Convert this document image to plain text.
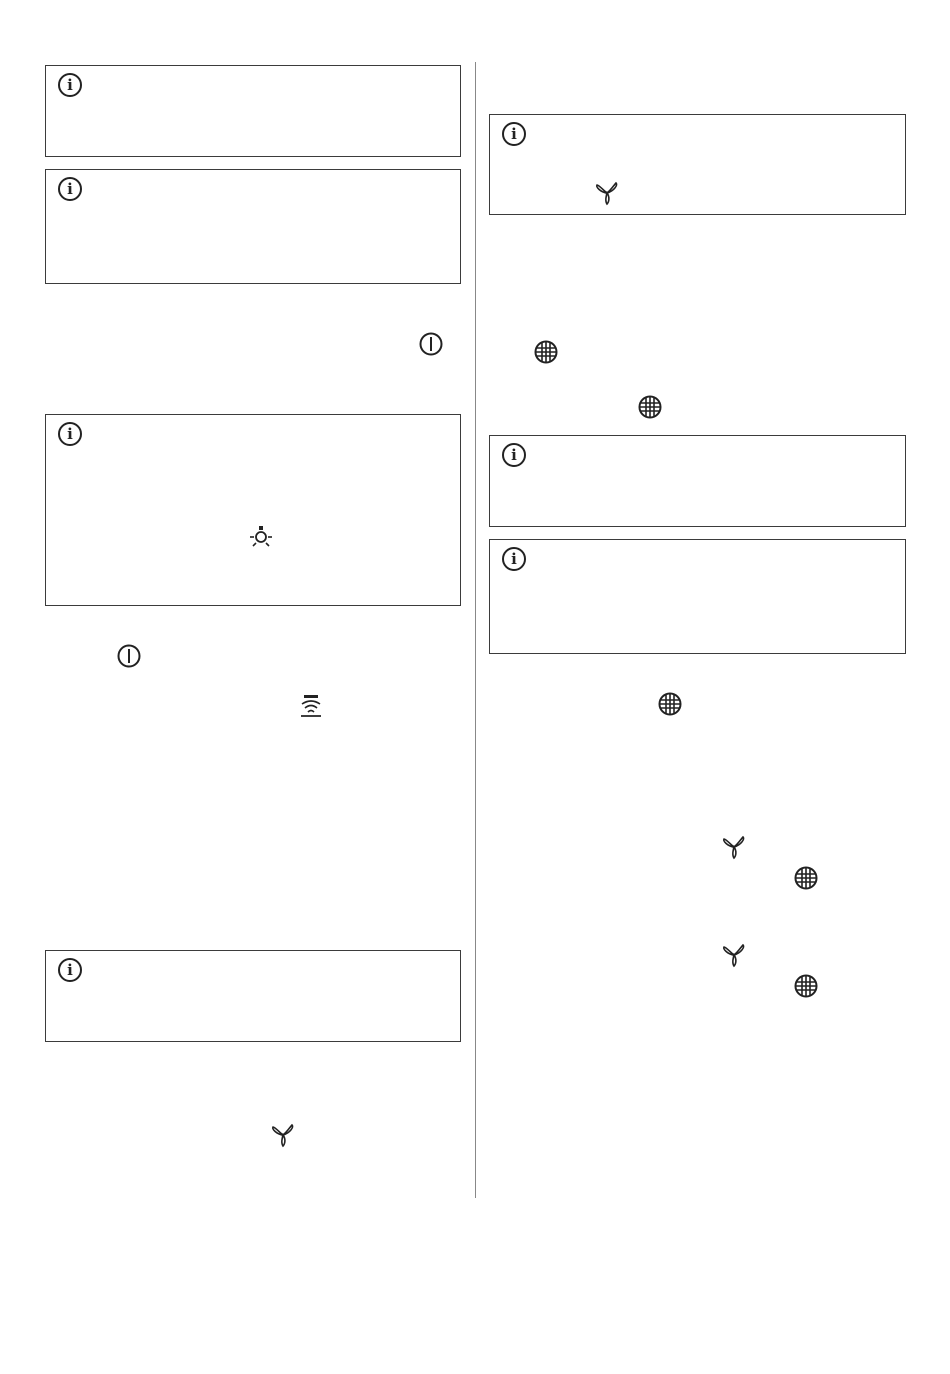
i
i
i
i
i
i
i
